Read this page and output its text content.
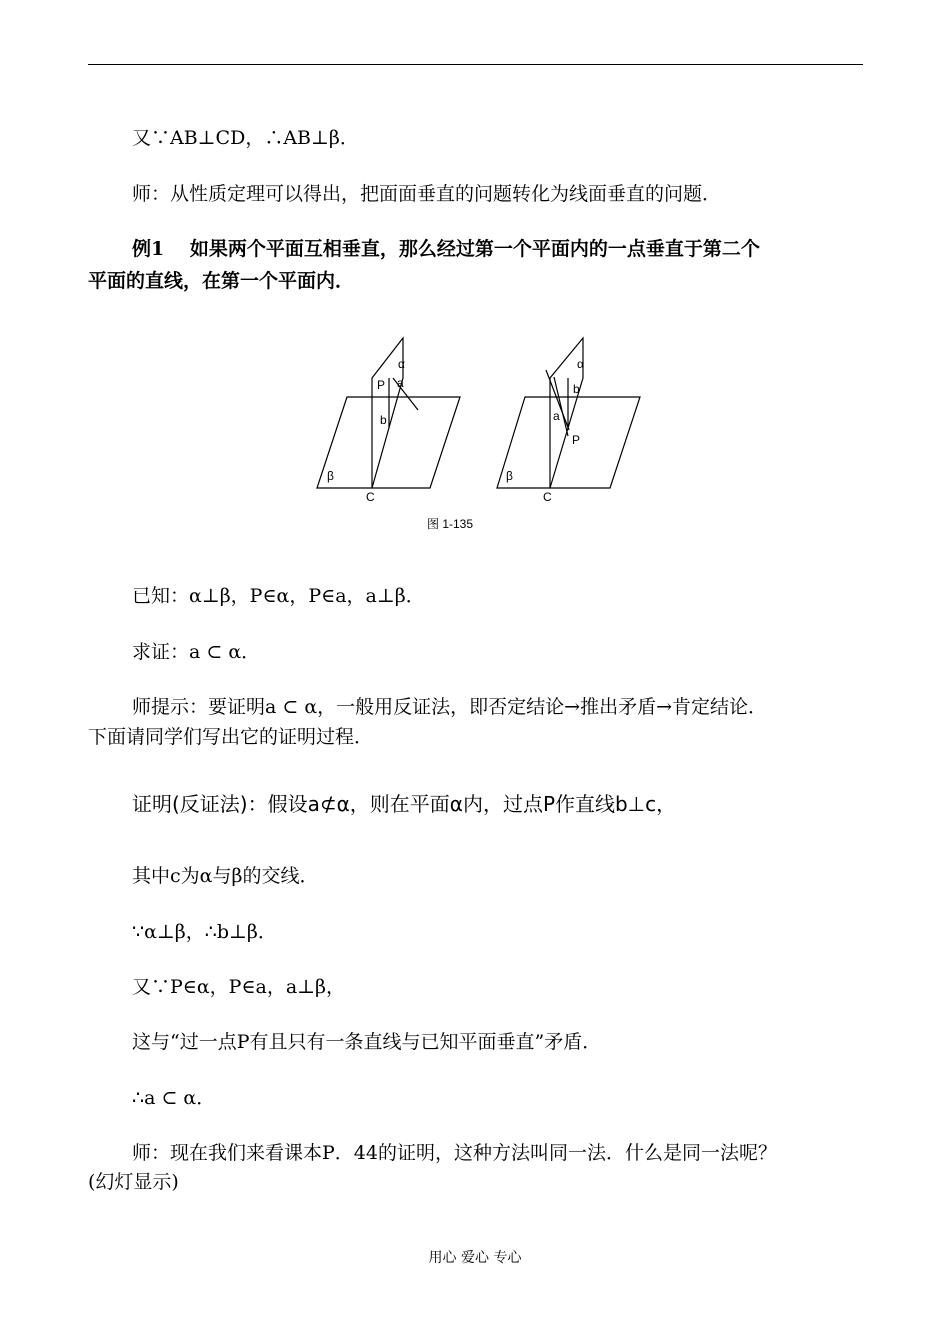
又∵AB⊥CD，∴AB⊥β．
师：从性质定理可以得出，把面面垂直的问题转化为线面垂直的问题．
例1　 如果两个平面互相垂直，那么经过第一个平面内的一点垂直于第二个
平面的直线，在第一个平面内．
α
β
P a
b
C
α
β
P
a
b
C
图 1-135
已知：α⊥β，P∈α，P∈a，a⊥β．
求证：a ⊂ α．
师提示：要证明a ⊂ α，一般用反证法，即否定结论→推出矛盾→肯定结论．
下面请同学们写出它的证明过程．
证明(反证法)：假设a⊄α，则在平面α内，过点P作直线b⊥c，
其中c为α与β的交线．
∵α⊥β，∴b⊥β．
又∵P∈α，P∈a，a⊥β，
这与“过一点P有且只有一条直线与已知平面垂直”矛盾．
∴a ⊂ α．
师：现在我们来看课本P．44的证明，这种方法叫同一法．什么是同一法呢？
(幻灯显示)
用心 爱心 专心
